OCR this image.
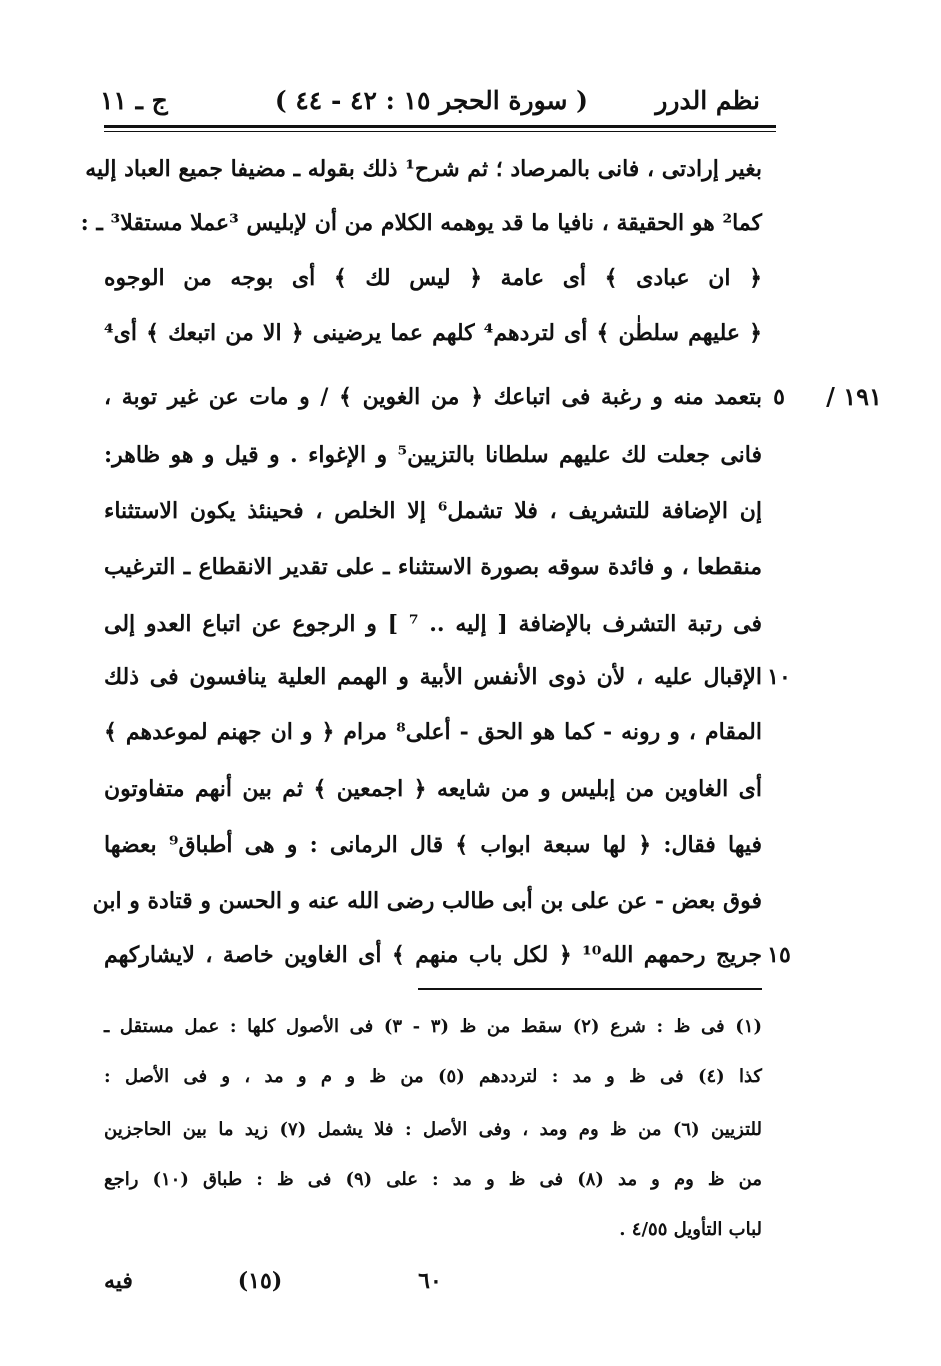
نظم الدرر
( سورة الحجر ١٥ : ٤٢ - ٤٤ )
ج ـ ١١
بغير إرادتى ، فانى بالمرصاد ؛ ثم شرح¹ ذلك بقوله ـ مضيفا جميع العباد إليه
كما² هو الحقيقة ، نافيا ما قد يوهمه الكلام من أن لإبليس ³عملا مستقلا³ ـ :
﴿ ان عبادى ﴾ أى عامة ﴿ ليس لك ﴾ أى بوجه من الوجوه
﴿ عليهم سلطٰن ﴾ أى لتردهم⁴ كلهم عما يرضينى ﴿ الا من اتبعك ﴾ أى⁴
بتعمد منه و رغبة فى اتباعك ﴿ من الغوين ﴾ / و مات عن غير توبة ،
فانى جعلت لك عليهم سلطانا بالتزيين⁵ و الإغواء . و قيل و هو ظاهر:
إن الإضافة للتشريف ، فلا تشمل⁶ إلا الخلص ، فحينئذ يكون الاستثناء
منقطعا ، و فائدة سوقه بصورة الاستثناء ـ على تقدير الانقطاع ـ الترغيب
فى رتبة التشرف بالإضافة [ إليه .. ⁷ ] و الرجوع عن اتباع العدو إلى
الإقبال عليه ، لأن ذوى الأنفس الأبية و الهمم العلية ينافسون فى ذلك
المقام ، و رونه - كما هو الحق - أعلى⁸ مرام ﴿ و ان جهنم لموعدهم ﴾
أى الغاوين من إبليس و من شايعه ﴿ اجمعين ﴾ ثم بين أنهم متفاوتون
فيها فقال: ﴿ لها سبعة ابواب ﴾ قال الرمانى : و هى أطباق⁹ بعضها
فوق بعض - عن على بن أبى طالب رضى الله عنه و الحسن و قتادة و ابن
جريج رحمهم الله¹⁰ ﴿ لكل باب منهم ﴾ أى الغاوين خاصة ، لايشاركهم
٥
١٠
١٥
١٩١ /
(١) فى ظ : شرع (٢) سقط من ظ (٣ - ٣) فى الأصول كلها : عمل مستقل ـ
كذا (٤) فى ظ و مد : لترددهم (٥) من ظ و م و مد ، و فى الأصل :
للتزيين (٦) من ظ وم ومد ، وفى الأصل : فلا يشمل (٧) زيد ما بين الحاجزين
من ظ وم و مد (٨) فى ظ و مد : على (٩) فى ظ : طباق (١٠) راجع
لباب التأويل ٤/٥٥ .
٦٠
(١٥)
فيه
